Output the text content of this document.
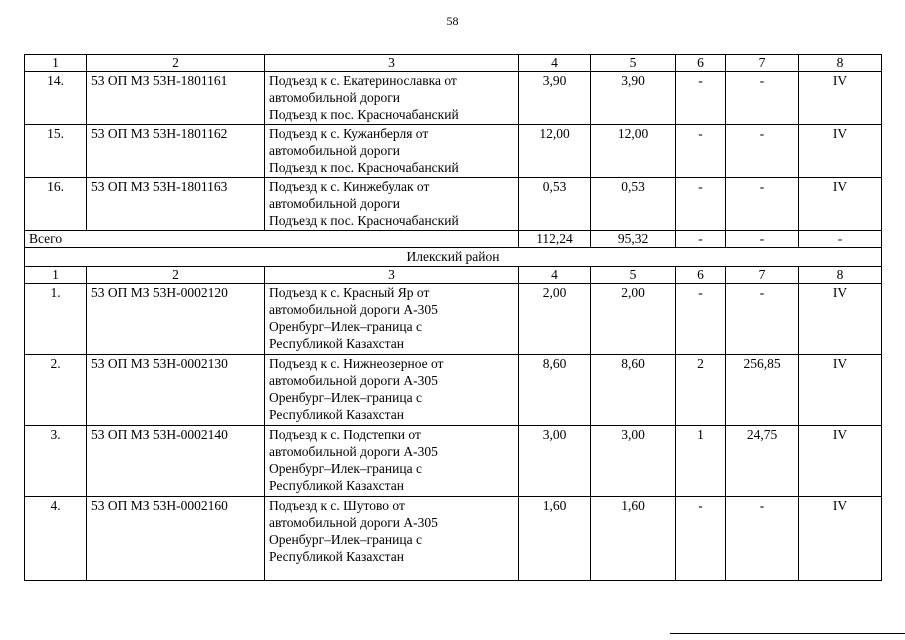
58
1	2	3	4	5	6	7	8
14.	53 ОП МЗ 53Н-1801161	Подъезд к с. Екатеринославка от
автомобильной дороги
Подъезд к пос. Красночабанский	3,90	3,90	-	-	IV
15.	53 ОП МЗ 53Н-1801162	Подъезд к с. Кужанберля от
автомобильной дороги
Подъезд к пос. Красночабанский	12,00	12,00	-	-	IV
16.	53 ОП МЗ 53Н-1801163	Подъезд к с. Кинжебулак от
автомобильной дороги
Подъезд к пос. Красночабанский	0,53	0,53	-	-	IV
Всего			112,24	95,32	-	-	-
Илекский район							
1	2	3	4	5	6	7	8
1.	53 ОП МЗ 53Н-0002120	Подъезд к с. Красный Яр от
автомобильной дороги А-305
Оренбург–Илек–граница с
Республикой Казахстан	2,00	2,00	-	-	IV
2.	53 ОП МЗ 53Н-0002130	Подъезд к с. Нижнеозерное от
автомобильной дороги А-305
Оренбург–Илек–граница с
Республикой Казахстан	8,60	8,60	2	256,85	IV
3.	53 ОП МЗ 53Н-0002140	Подъезд к с. Подстепки от
автомобильной дороги А-305
Оренбург–Илек–граница с
Республикой Казахстан	3,00	3,00	1	24,75	IV
4.	53 ОП МЗ 53Н-0002160	Подъезд к с. Шутово от
автомобильной дороги А-305
Оренбург–Илек–граница с
Республикой Казахстан	1,60	1,60	-	-	IV
